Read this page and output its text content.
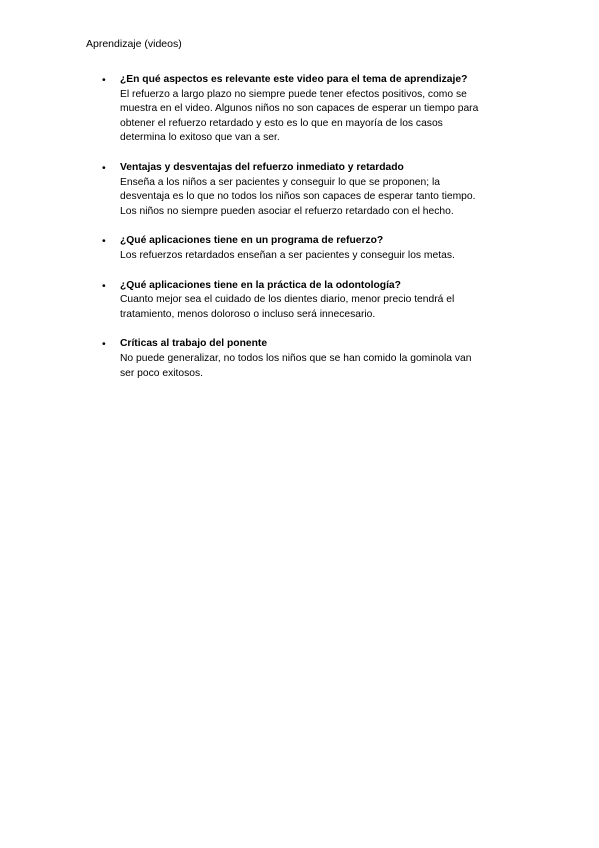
Aprendizaje (videos)
• ¿En qué aspectos es relevante este video para el tema de aprendizaje?

El refuerzo a largo plazo no siempre puede tener efectos positivos, como se
muestra en el video. Algunos niños no son capaces de esperar un tiempo para
obtener el refuerzo retardado y esto es lo que en mayoría de los casos
determina lo exitoso que van a ser.

• Ventajas y desventajas del refuerzo inmediato y retardado

Enseña a los niños a ser pacientes y conseguir lo que se proponen; la
desventaja es lo que no todos los niños son capaces de esperar tanto tiempo.
Los niños no siempre pueden asociar el refuerzo retardado con el hecho.

• ¿Qué aplicaciones tiene en un programa de refuerzo?

Los refuerzos retardados enseñan a ser pacientes y conseguir los metas.

• ¿Qué aplicaciones tiene en la práctica de la odontología?

Cuanto mejor sea el cuidado de los dientes diario, menor precio tendrá el
tratamiento, menos doloroso o incluso será innecesario.

• Críticas al trabajo del ponente

No puede generalizar, no todos los niños que se han comido la gominola van
ser poco exitosos.
